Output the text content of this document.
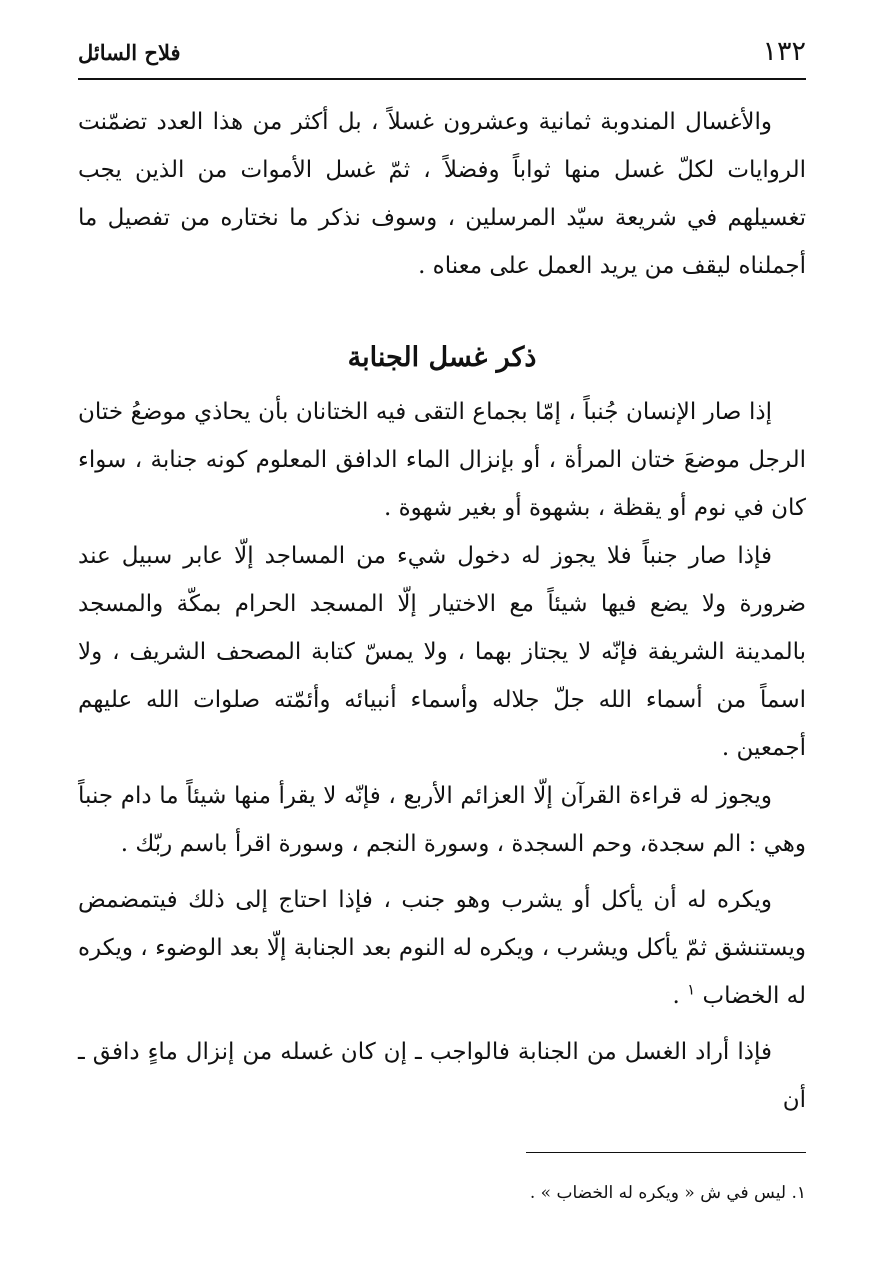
فلاح السائل	١٣٢

والأغسال المندوبة ثمانية وعشرون غسلاً ، بل أكثر من هذا العدد تضمّنت الروايات لكلّ غسل منها ثواباً وفضلاً ، ثمّ غسل الأموات من الذين يجب تغسيلهم في شريعة سيّد المرسلين ، وسوف نذكر ما نختاره من تفصيل ما أجملناه ليقف من يريد العمل على معناه .

ذكر غسل الجنابة

إذا صار الإنسان جُنباً ، إمّا بجماع التقى فيه الختانان بأن يحاذي موضعُ ختان الرجل موضعَ ختان المرأة ، أو بإنزال الماء الدافق المعلوم كونه جنابة ، سواء كان في نوم أو يقظة ، بشهوة أو بغير شهوة .

فإذا صار جنباً فلا يجوز له دخول شيء من المساجد إلّا عابر سبيل عند ضرورة ولا يضع فيها شيئاً مع الاختيار إلّا المسجد الحرام بمكّة والمسجد بالمدينة الشريفة فإنّه لا يجتاز بهما ، ولا يمسّ كتابة المصحف الشريف ، ولا اسماً من أسماء الله جلّ جلاله وأسماء أنبيائه وأئمّته صلوات الله عليهم أجمعين .

ويجوز له قراءة القرآن إلّا العزائم الأربع ، فإنّه لا يقرأ منها شيئاً ما دام جنباً وهي : الم سجدة، وحم السجدة ، وسورة النجم ، وسورة اقرأ باسم ربّك .

ويكره له أن يأكل أو يشرب وهو جنب ، فإذا احتاج إلى ذلك فيتمضمض ويستنشق ثمّ يأكل ويشرب ، ويكره له النوم بعد الجنابة إلّا بعد الوضوء ، ويكره له الخضاب $^١$ .

فإذا أراد الغسل من الجنابة فالواجب ـ إن كان غسله من إنزال ماءٍ دافق ـ أن

١. ليس في ش « ويكره له الخضاب » .
